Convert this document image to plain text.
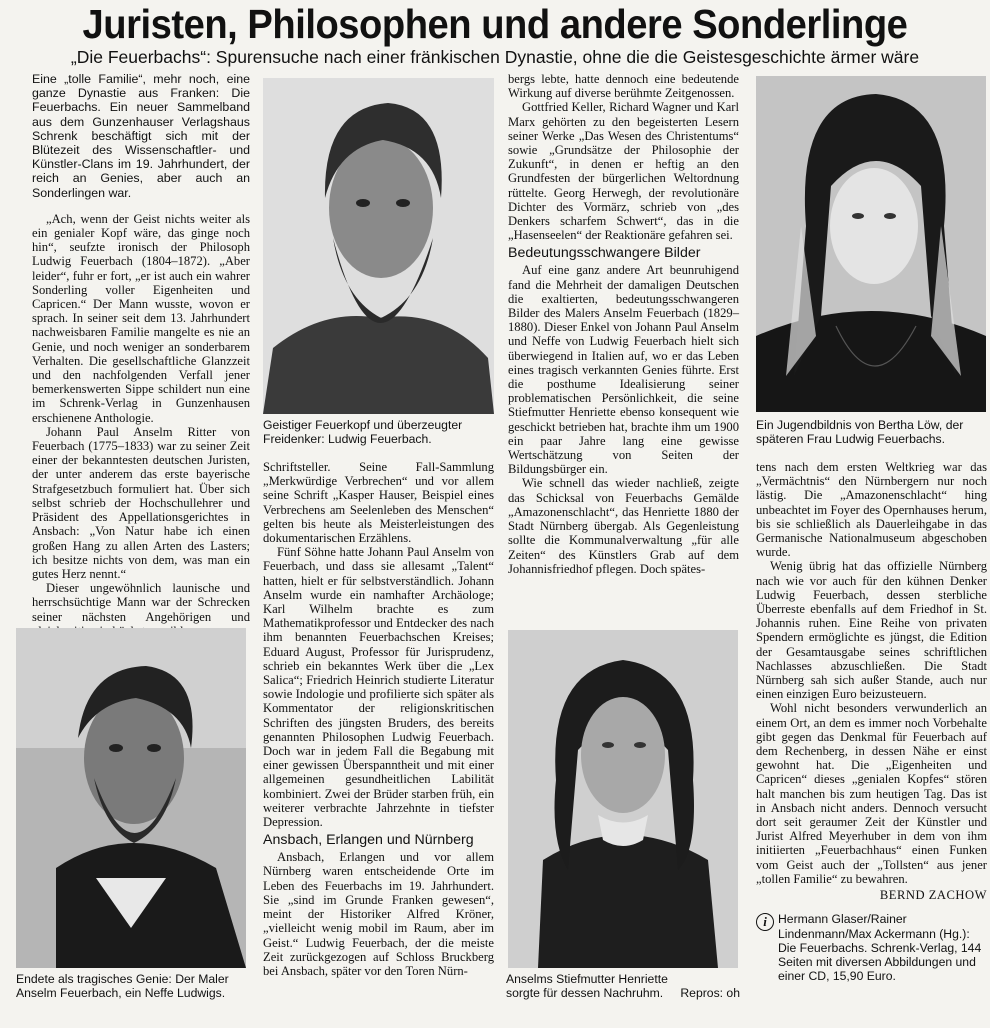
Juristen, Philosophen und andere Sonderlinge
„Die Feuerbachs“: Spurensuche nach einer fränkischen Dynastie, ohne die die Geistesgeschichte ärmer wäre

Eine „tolle Familie“, mehr noch, eine ganze Dynastie aus Franken: Die Feuerbachs. Ein neuer Sammelband aus dem Gunzenhauser Verlagshaus Schrenk beschäftigt sich mit der Blütezeit des Wissenschaftler- und Künstler-Clans im 19. Jahrhundert, der reich an Genies, aber auch an Sonderlingen war.

„Ach, wenn der Geist nichts weiter als ein genialer Kopf wäre, das ginge noch hin“, seufzte ironisch der Philosoph Ludwig Feuerbach (1804–1872). „Aber leider“, fuhr er fort, „er ist auch ein wahrer Sonderling voller Eigenheiten und Capricen.“ Der Mann wusste, wovon er sprach. In seiner seit dem 13. Jahrhundert nachweisbaren Familie mangelte es nie an Genie, und noch weniger an sonderbarem Verhalten. Die gesellschaftliche Glanzzeit und den nachfolgenden Verfall jener bemerkenswerten Sippe schildert nun eine im Schrenk-Verlag in Gunzenhausen erschienene Anthologie.

Johann Paul Anselm Ritter von Feuerbach (1775–1833) war zu seiner Zeit einer der bekanntesten deutschen Juristen, der unter anderem das erste bayerische Strafgesetzbuch formuliert hat. Über sich selbst schrieb der Hochschullehrer und Präsident des Appellationsgerichtes in Ansbach: „Von Natur habe ich einen großen Hang zu allen Arten des Lasters; ich besitze nichts von dem, was man ein gutes Herz nennt.“

Dieser ungewöhnlich launische und herrschsüchtige Mann war der Schrecken seiner nächsten Angehörigen und

Endete als tragisches Genie: Der Maler Anselm Feuerbach, ein Neffe Ludwigs.
Geistiger Feuerkopf und überzeugter Freidenker: Ludwig Feuerbach.

Schriftsteller. Seine Fall-Sammlung „Merkwürdige Verbrechen“ und vor allem seine Schrift „Kasper Hauser, Beispiel eines Verbrechens am Seelenleben des Menschen“ gelten bis heute als Meisterleistungen des dokumentarischen Erzählens.

Fünf Söhne hatte Johann Paul Anselm von Feuerbach, und dass sie allesamt „Talent“ hatten, hielt er für selbstverständlich. Johann Anselm wurde ein namhafter Archäologe; Karl Wilhelm brachte es zum Mathematikprofessor und Entdecker des nach ihm benannten Feuerbachschen Kreises; Eduard August, Professor für Jurisprudenz, schrieb ein bekanntes Werk über die „Lex Salica“; Friedrich Heinrich studierte Literatur sowie Indologie und profilierte sich später als Kommentator der religionskritischen Schriften des jüngsten Bruders, des bereits genannten Philosophen Ludwig Feuerbach. Doch war in jedem Fall die Begabung mit einer gewissen Überspanntheit und mit einer allgemeinen gesundheitlichen Labilität kombiniert. Zwei der Brüder starben früh, ein weiterer verbrachte Jahrzehnte in tiefster Depression.

Ansbach, Erlangen und Nürnberg

Ansbach, Erlangen und vor allem Nürnberg waren entscheidende Orte im Leben des Feuerbachs im 19. Jahrhundert. Sie „sind im Grunde Franken gewesen“, meint der Historiker Alfred Kröner, „vielleicht wenig mobil im Raum, aber im Geist.“ Ludwig Feuerbach, der die meiste Zeit zurückgezogen auf Schloss Bruckberg bei Ansbach, später vor den Toren Nürn-

bergs lebte, hatte dennoch eine bedeutende Wirkung auf diverse berühmte Zeitgenossen.

Gottfried Keller, Richard Wagner und Karl Marx gehörten zu den begeisterten Lesern seiner Werke „Das Wesen des Christentums“ sowie „Grundsätze der Philosophie der Zukunft“, in denen er heftig an den Grundfesten der bürgerlichen Weltordnung rüttelte. Georg Herwegh, der revolutionäre Dichter des Vormärz, schrieb von „des Denkers scharfem Schwert“, das in die „Hasenseelen“ der Reaktionäre gefahren sei.

Bedeutungsschwangere Bilder

Auf eine ganz andere Art beunruhigend fand die Mehrheit der damaligen Deutschen die exaltierten, bedeutungsschwangeren Bilder des Malers Anselm Feuerbach (1829–1880). Dieser Enkel von Johann Paul Anselm und Neffe von Ludwig Feuerbach hielt sich überwiegend in Italien auf, wo er das Leben eines tragisch verkannten Genies führte. Erst die posthume Idealisierung seiner problematischen Persönlichkeit, die seine Stiefmutter Henriette ebenso konsequent wie geschickt betrieben hat, brachte ihm um 1900 ein paar Jahre lang eine gewisse Wertschätzung von Seiten der Bildungsbürger ein.

Wie schnell das wieder nachließ, zeigte das Schicksal von Feuerbachs Gemälde „Amazonenschlacht“, das Henriette 1880 der Stadt Nürnberg übergab. Als Gegenleistung sollte die Kommunalverwaltung „für alle Zeiten“ des Künstlers Grab auf dem Johannisfriedhof pflegen. Doch spätes-

Repros: oh
Anselms Stiefmutter Henriette sorgte für dessen Nachruhm.
Ein Jugendbildnis von Bertha Löw, der späteren Frau Ludwig Feuerbachs.

tens nach dem ersten Weltkrieg war das „Vermächtnis“ den Nürnbergern nur noch lästig. Die „Amazonenschlacht“ hing unbeachtet im Foyer des Opernhauses herum, bis sie schließlich als Dauerleihgabe in das Germanische Nationalmuseum abgeschoben wurde.

Wenig übrig hat das offizielle Nürnberg nach wie vor auch für den kühnen Denker Ludwig Feuerbach, dessen sterbliche Überreste ebenfalls auf dem Friedhof in St. Johannis ruhen. Eine Reihe von privaten Spendern ermöglichte es jüngst, die Edition der Gesamtausgabe seines schriftlichen Nachlasses abzuschließen. Die Stadt Nürnberg sah sich außer Stande, auch nur einen einzigen Euro beizusteuern.

Wohl nicht besonders verwunderlich an einem Ort, an dem es immer noch Vorbehalte gibt gegen das Denkmal für Feuerbach auf dem Rechenberg, in dessen Nähe er einst gewohnt hat. Die „Eigenheiten und Capricen“ dieses „genialen Kopfes“ stören halt manchen bis zum heutigen Tag. Das ist in Ansbach nicht anders. Dennoch versucht dort seit geraumer Zeit der Künstler und Jurist Alfred Meyerhuber in dem von ihm initiierten „Feuerbachhaus“ einen Funken vom Geist auch der „Tollsten“ aus jener „tollen Familie“ zu bewahren.

BERND ZACHOW
i Hermann Glaser/Rainer Lindenmann/Max Ackermann (Hg.): Die Feuerbachs. Schrenk-Verlag, 144 Seiten mit diversen Abbildungen und einer CD, 15,90 Euro.
